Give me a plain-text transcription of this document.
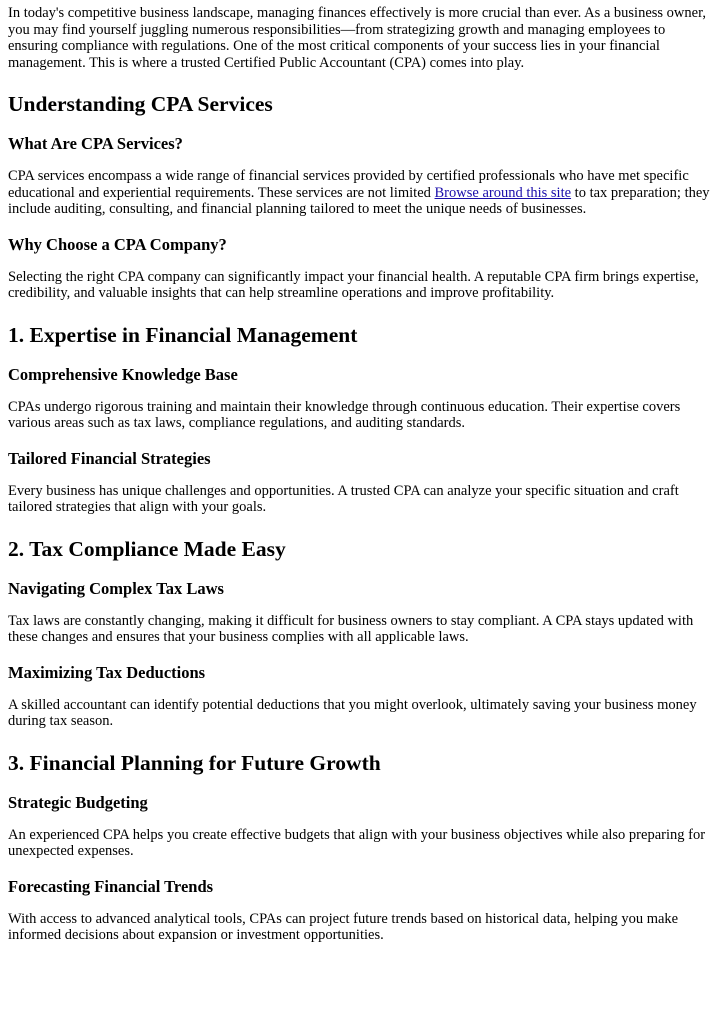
In today's competitive business landscape, managing finances effectively is more crucial than ever. As a business owner, you may find yourself juggling numerous responsibilities—from strategizing growth and managing employees to ensuring compliance with regulations. One of the most critical components of your success lies in your financial management. This is where a trusted Certified Public Accountant (CPA) comes into play.

Understanding CPA Services
What Are CPA Services?

CPA services encompass a wide range of financial services provided by certified professionals who have met specific educational and experiential requirements. These services are not limited Browse around this site to tax preparation; they include auditing, consulting, and financial planning tailored to meet the unique needs of businesses.

Why Choose a CPA Company?

Selecting the right CPA company can significantly impact your financial health. A reputable CPA firm brings expertise, credibility, and valuable insights that can help streamline operations and improve profitability.

1. Expertise in Financial Management
Comprehensive Knowledge Base

CPAs undergo rigorous training and maintain their knowledge through continuous education. Their expertise covers various areas such as tax laws, compliance regulations, and auditing standards.

Tailored Financial Strategies

Every business has unique challenges and opportunities. A trusted CPA can analyze your specific situation and craft tailored strategies that align with your goals.

2. Tax Compliance Made Easy
Navigating Complex Tax Laws

Tax laws are constantly changing, making it difficult for business owners to stay compliant. A CPA stays updated with these changes and ensures that your business complies with all applicable laws.

Maximizing Tax Deductions

A skilled accountant can identify potential deductions that you might overlook, ultimately saving your business money during tax season.

3. Financial Planning for Future Growth
Strategic Budgeting

An experienced CPA helps you create effective budgets that align with your business objectives while also preparing for unexpected expenses.

Forecasting Financial Trends

With access to advanced analytical tools, CPAs can project future trends based on historical data, helping you make informed decisions about expansion or investment opportunities.
